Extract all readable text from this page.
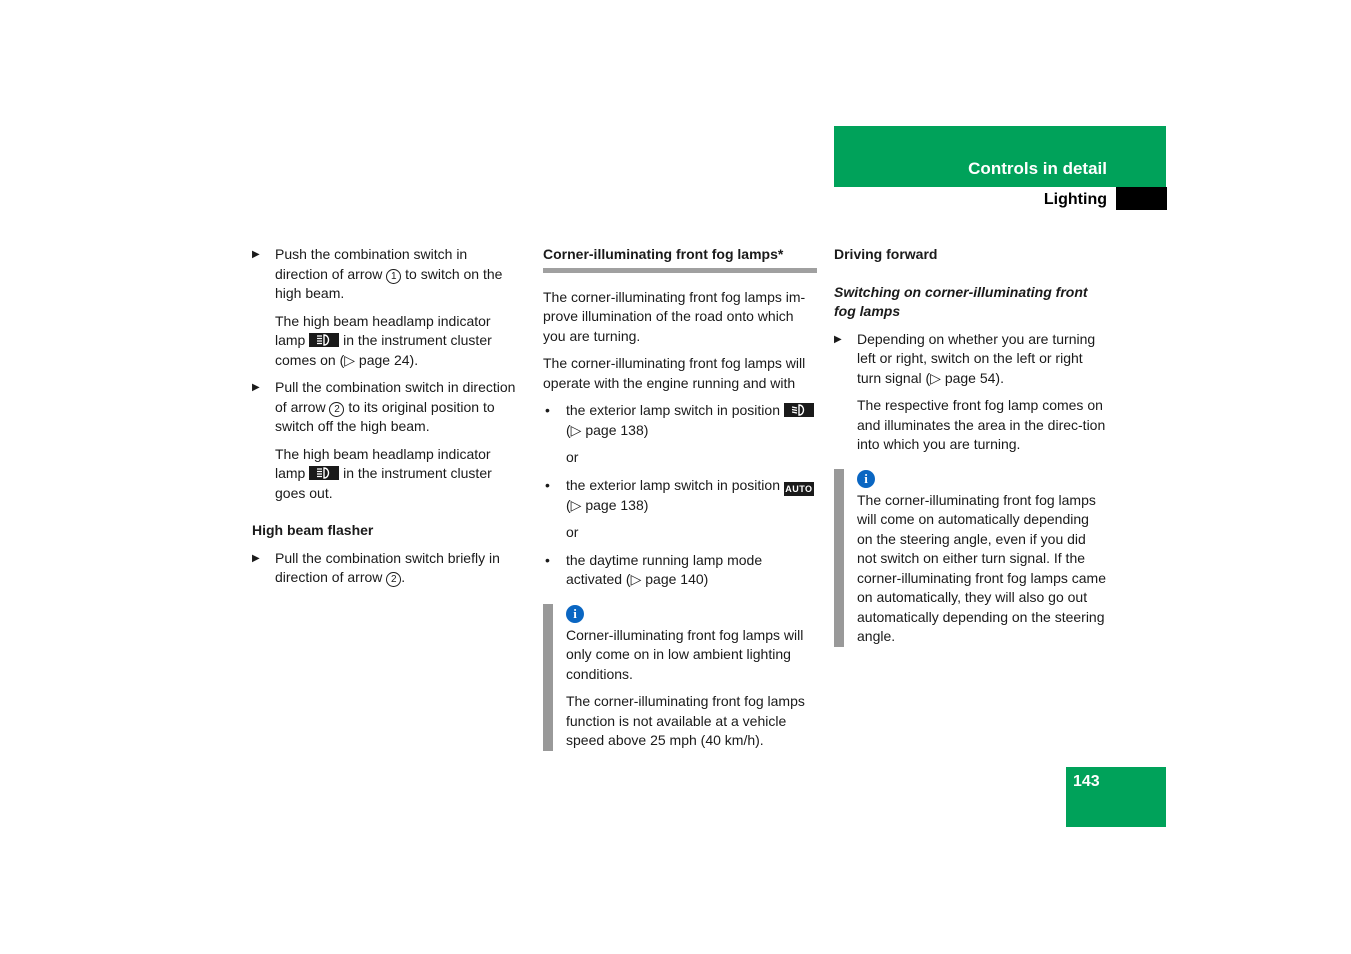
Controls in detail
Lighting
143
▶ Push the combination switch in direction of arrow 1 to switch on the high beam.

The high beam headlamp indicator lamp	in the instrument cluster comes on (▷ page 24).

▶ Pull the combination switch in direction of arrow 2 to its original position to switch off the high beam.

The high beam headlamp indicator lamp	in the instrument cluster goes out.

High beam flasher
▶ Pull the combination switch briefly in direction of arrow 2 .
Corner-illuminating front fog lamps*

The corner-illuminating front fog lamps im-prove illumination of the road onto which you are turning.

The corner-illuminating front fog lamps will operate with the engine running and with

• the exterior lamp switch in position
(▷ page 138)
or
• the exterior lamp switch in position AUTO (▷ page 138)
or
• the daytime running lamp mode activated (▷ page 140)
i

Corner-illuminating front fog lamps will only come on in low ambient lighting conditions.

The corner-illuminating front fog lamps function is not available at a vehicle speed above 25 mph (40 km/h).

Driving forward
Switching on corner-illuminating front fog lamps
▶ Depending on whether you are turning left or right, switch on the left or right turn signal (▷ page 54).

The respective front fog lamp comes on and illuminates the area in the direc-tion into which you are turning.

i

The corner-illuminating front fog lamps will come on automatically depending on the steering angle, even if you did not switch on either turn signal. If the corner-illuminating front fog lamps came on automatically, they will also go out automatically depending on the steering angle.
